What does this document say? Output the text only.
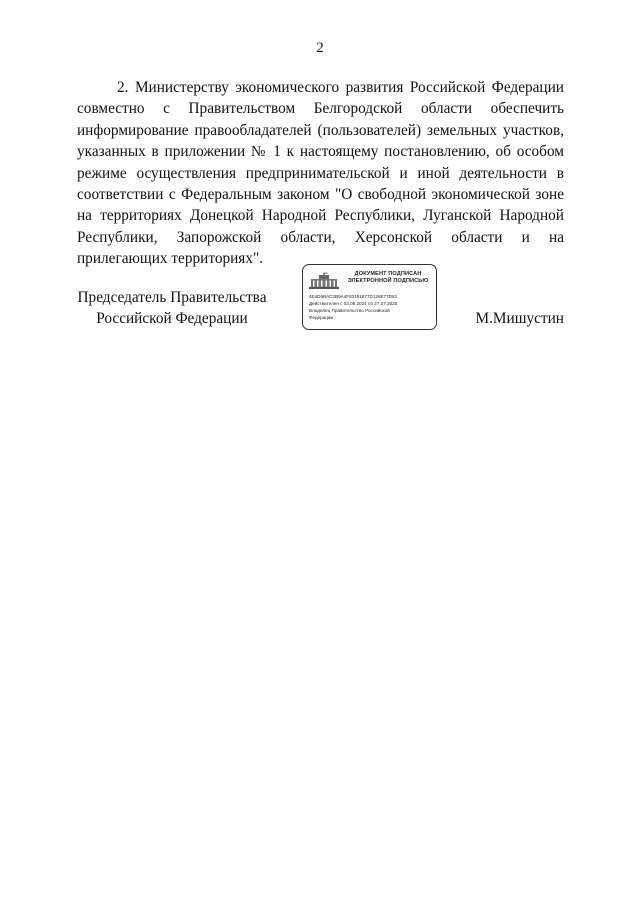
2

2. Министерству экономического развития Российской Федерации совместно с Правительством Белгородской области обеспечить информирование правообладателей (пользователей) земельных участков, указанных в приложении № 1 к настоящему постановлению, об особом режиме осуществления предпринимательской и иной деятельности в соответствии с Федеральным законом "О свободной экономической зоне на территориях Донецкой Народной Республики, Луганской Народной Республики, Запорожской области, Херсонской области и на прилегающих территориях".

Председатель Правительства
Российской Федерации
ДОКУМЕНТ ПОДПИСАН
ЭЛЕКТРОННОЙ ПОДПИСЬЮ
4E4D6BAC2B9A4F83191877D126E77D62
Действителен с 03.05.2024 по 27.07.2025
Владелец Правительство Российской
Федерации	М.Мишустин
